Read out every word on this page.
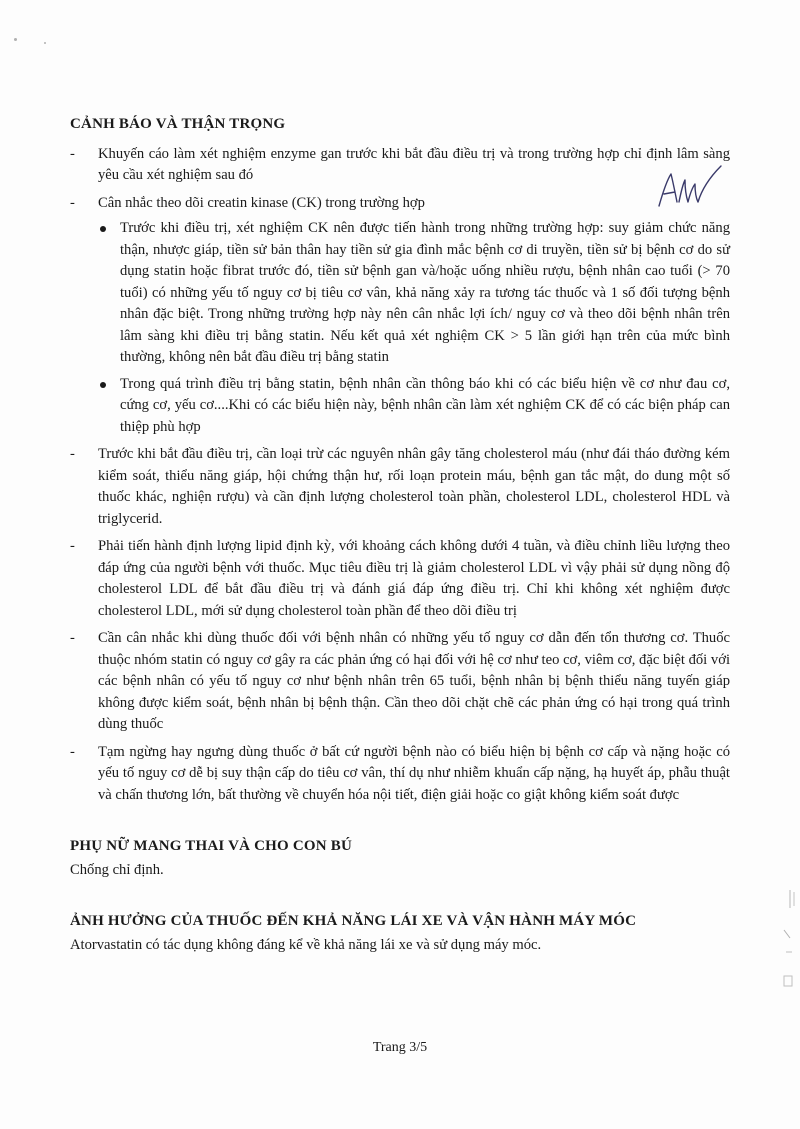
CẢNH BÁO VÀ THẬN TRỌNG
- Khuyến cáo làm xét nghiệm enzyme gan trước khi bắt đầu điều trị và trong trường hợp chỉ định lâm sàng yêu cầu xét nghiệm sau đó
- Cân nhắc theo dõi creatin kinase (CK) trong trường hợp
Trước khi điều trị, xét nghiệm CK nên được tiến hành trong những trường hợp: suy giảm chức năng thận, nhược giáp, tiền sử bản thân hay tiền sử gia đình mắc bệnh cơ di truyền, tiền sử bị bệnh cơ do sử dụng statin hoặc fibrat trước đó, tiền sử bệnh gan và/hoặc uống nhiều rượu, bệnh nhân cao tuổi (> 70 tuổi) có những yếu tố nguy cơ bị tiêu cơ vân, khả năng xảy ra tương tác thuốc và 1 số đối tượng bệnh nhân đặc biệt. Trong những trường hợp này nên cân nhắc lợi ích/ nguy cơ và theo dõi bệnh nhân trên lâm sàng khi điều trị bằng statin. Nếu kết quả xét nghiệm CK > 5 lần giới hạn trên của mức bình thường, không nên bắt đầu điều trị bằng statin
Trong quá trình điều trị bằng statin, bệnh nhân cần thông báo khi có các biểu hiện về cơ như đau cơ, cứng cơ, yếu cơ....Khi có các biểu hiện này, bệnh nhân cần làm xét nghiệm CK để có các biện pháp can thiệp phù hợp
- Trước khi bắt đầu điều trị, cần loại trừ các nguyên nhân gây tăng cholesterol máu (như đái tháo đường kém kiểm soát, thiểu năng giáp, hội chứng thận hư, rối loạn protein máu, bệnh gan tắc mật, do dung một số thuốc khác, nghiện rượu) và cần định lượng cholesterol toàn phần, cholesterol LDL, cholesterol HDL và triglycerid.
- Phải tiến hành định lượng lipid định kỳ, với khoảng cách không dưới 4 tuần, và điều chỉnh liều lượng theo đáp ứng của người bệnh với thuốc. Mục tiêu điều trị là giảm cholesterol LDL vì vậy phải sử dụng nồng độ cholesterol LDL để bắt đầu điều trị và đánh giá đáp ứng điều trị. Chỉ khi không xét nghiệm được cholesterol LDL, mới sử dụng cholesterol toàn phần để theo dõi điều trị
- Cần cân nhắc khi dùng thuốc đối với bệnh nhân có những yếu tố nguy cơ dẫn đến tổn thương cơ. Thuốc thuộc nhóm statin có nguy cơ gây ra các phản ứng có hại đối với hệ cơ như teo cơ, viêm cơ, đặc biệt đối với các bệnh nhân có yếu tố nguy cơ như bệnh nhân trên 65 tuổi, bệnh nhân bị bệnh thiểu năng tuyến giáp không được kiểm soát, bệnh nhân bị bệnh thận. Cần theo dõi chặt chẽ các phản ứng có hại trong quá trình dùng thuốc
- Tạm ngừng hay ngưng dùng thuốc ở bất cứ người bệnh nào có biểu hiện bị bệnh cơ cấp và nặng hoặc có yếu tố nguy cơ dễ bị suy thận cấp do tiêu cơ vân, thí dụ như nhiễm khuẩn cấp nặng, hạ huyết áp, phẫu thuật và chấn thương lớn, bất thường về chuyển hóa nội tiết, điện giải hoặc co giật không kiểm soát được
PHỤ NỮ MANG THAI VÀ CHO CON BÚ

Chống chỉ định.

ẢNH HƯỞNG CỦA THUỐC ĐẾN KHẢ NĂNG LÁI XE VÀ VẬN HÀNH MÁY MÓC

Atorvastatin có tác dụng không đáng kể về khả năng lái xe và sử dụng máy móc.

Trang 3/5
